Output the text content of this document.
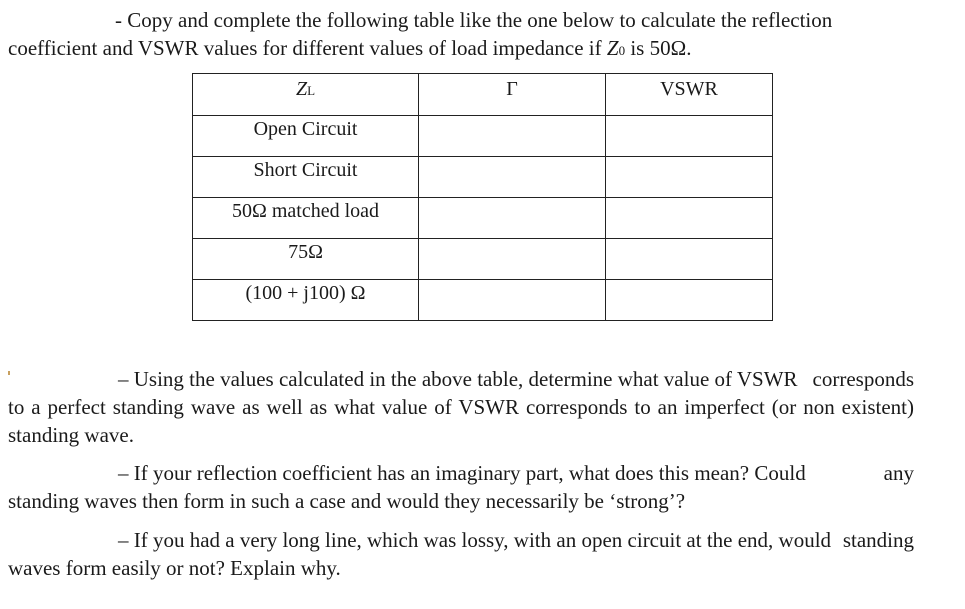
- Copy and complete the following table like the one below to calculate the reflection

coefficient and VSWR values for different values of load impedance if Z0 is 50Ω.

ZL	Γ	VSWR
Open Circuit		
Short Circuit		
50Ω matched load		
75Ω		
(100 + j100) Ω		

– Using the values calculated in the above table, determine what value of VSWR corresponds to a perfect standing wave as well as what value of VSWR corresponds to an imperfect (or non existent) standing wave.

– If your reflection coefficient has an imaginary part, what does this mean? Could	any standing waves then form in such a case and would they necessarily be ‘strong’?

– If you had a very long line, which was lossy, with an open circuit at the end, would standing waves form easily or not? Explain why.
